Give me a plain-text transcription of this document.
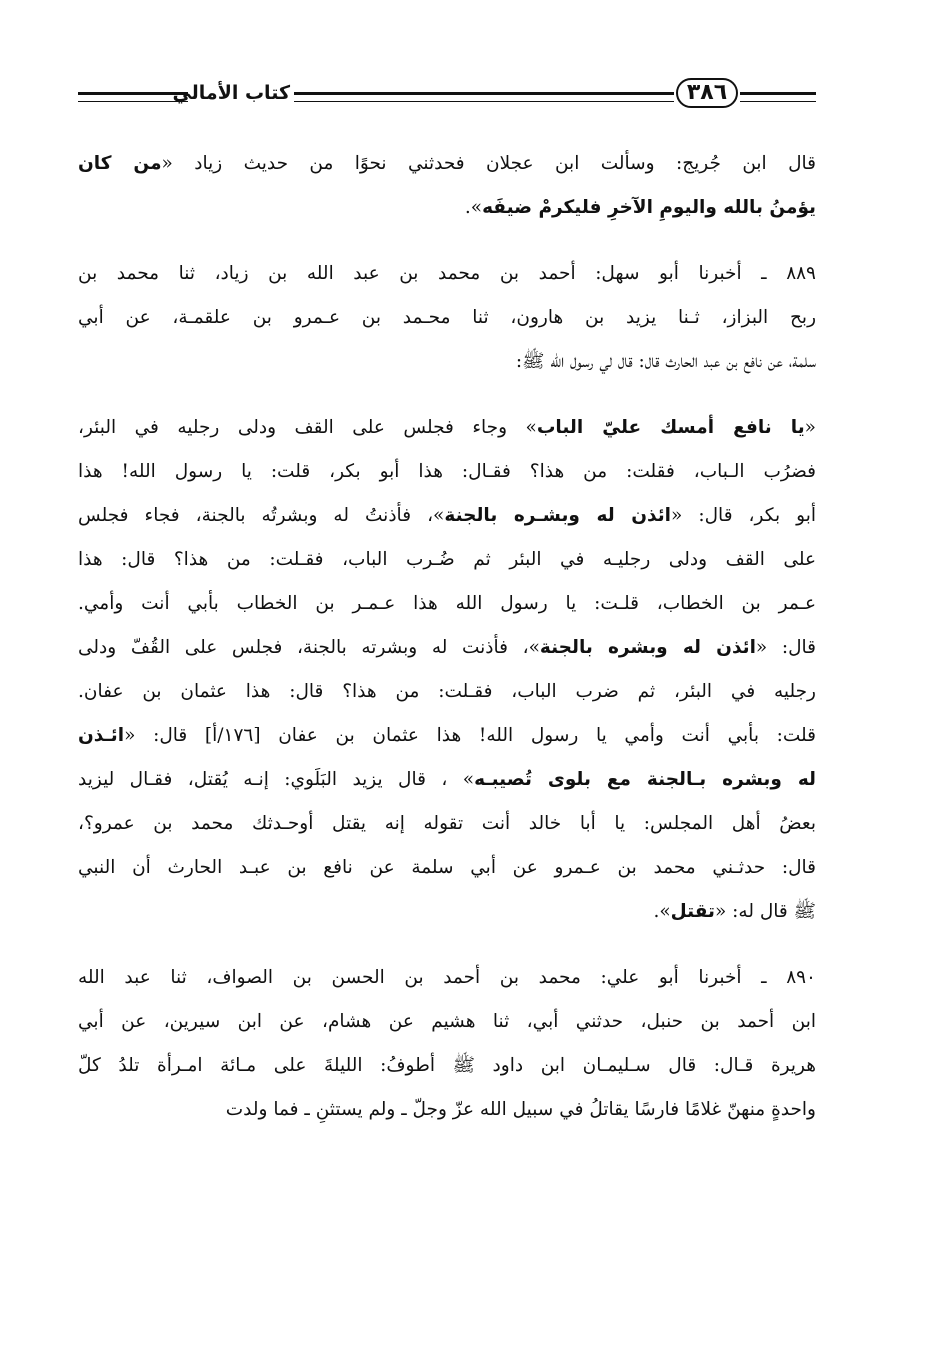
كتاب الأمالي	٣٨٦
قال ابن جُريج: وسألت ابن عجلان فحدثني نحوًا من حديث زياد «من كان
يؤمنُ بالله واليومِ الآخرِ فليكرمْ ضيفَه».
٨٨٩ ـ أخبرنا أبو سهل: أحمد بن محمد بن عبد الله بن زياد، ثنا محمد بن
ربح البزاز، ثـنا يزيد بن هارون، ثنا محـمد بن عـمرو بن علقمـة، عن أبي
سلمة، عن نافع بن عبد الحارث قال: قال لي رسول الله ﷺ:
«يا نافع أمسك عليّ الباب» وجاء فجلس على القف ودلى رجليه في البئر،
فضرُب الـباب، فقلت: من هذا؟ فقـال: هذا أبو بكر، قلت: يا رسول الله! هذا
أبو بكر، قال: «ائذن له وبشـره بالجنة»، فأذنتُ له وبشرتُه بالجنة، فجاء فجلس
على القف ودلى رجليـه في البئر ثم ضُـرب الباب، فقـلت: من هذا؟ قال: هذا
عـمر بن الخطاب، قلـت: يا رسول الله هذا عـمـر بن الخطاب بأبي أنت وأمي.
قال: «ائذن له وبشره بالجنة»، فأذنت له وبشرته بالجنة، فجلس على القُفّ ودلى
رجليه في البئر، ثم ضرب الباب، فقـلت: من هذا؟ قال: هذا عثمان بن عفان.
قلت: بأبي أنت وأمي يا رسول الله! هذا عثمان بن عفان [١٧٦/أ] قال: «ائـذن
له وبشره بـالجنة مع بلوى تُصيبـه» ، قال يزيد البَلَوي: إنـه يُقتل، فقـال ليزيد
بعضُ أهل المجلس: يا أبا خالد أنت تقوله إنه يقتل أوحـدثك محمد بن عمرو؟،
قال: حدثـني محمد بن عـمرو عن أبي سلمة عن نافع بن عبـد الحارث أن النبي
ﷺ قال له: «تقتل».
٨٩٠ ـ أخبرنا أبو علي: محمد بن أحمد بن الحسن بن الصواف، ثنا عبد الله
ابن أحمد بن حنبل، حدثني أبي، ثنا هشيم عن هشام، عن ابن سيرين، عن أبي
هريرة قـال: قال سـليمـان ابن داود ﷺ أطوفُ: الليلةَ على مـائة امـرأة تلدُ كلّ
واحدةٍ منهنّ غلامًا فارسًا يقاتلُ في سبيل الله عزّ وجلّ ـ ولم يستثنِ ـ فما ولدت
